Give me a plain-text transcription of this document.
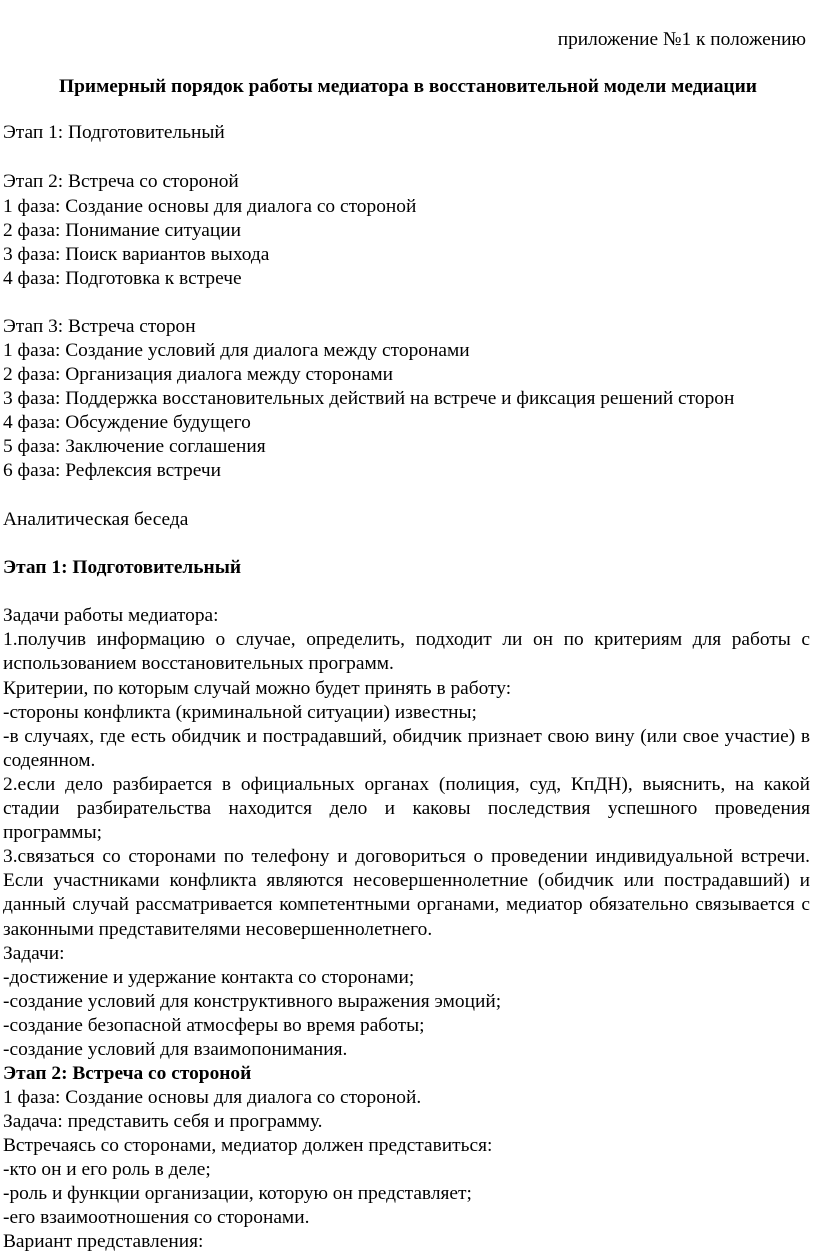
приложение №1 к положению

Примерный порядок работы медиатора в восстановительной модели медиации

Этап 1: Подготовительный

Этап 2: Встреча со стороной

1 фаза: Создание основы для диалога со стороной

2 фаза: Понимание ситуации

3 фаза: Поиск вариантов выхода

4 фаза: Подготовка к встрече

Этап 3: Встреча сторон

1 фаза: Создание условий для диалога между сторонами

2 фаза: Организация диалога между сторонами

3 фаза: Поддержка восстановительных действий на встрече и фиксация решений сторон

4 фаза: Обсуждение будущего

5 фаза: Заключение соглашения

6 фаза: Рефлексия встречи

Аналитическая беседа

Этап 1: Подготовительный

Задачи работы медиатора:

1.получив информацию о случае, определить, подходит ли он по критериям для работы с использованием восстановительных программ.

Критерии, по которым случай можно будет принять в работу:

-стороны конфликта (криминальной ситуации) известны;

-в случаях, где есть обидчик и пострадавший, обидчик признает свою вину (или свое участие) в содеянном.

2.если дело разбирается в официальных органах (полиция, суд, КпДН), выяснить, на какой стадии разбирательства находится дело и каковы последствия успешного проведения программы;

3.связаться со сторонами по телефону и договориться о проведении индивидуальной встречи. Если участниками конфликта являются несовершеннолетние (обидчик или пострадавший) и данный случай рассматривается компетентными органами, медиатор обязательно связывается с законными представителями несовершеннолетнего.

Задачи:

-достижение и удержание контакта со сторонами;

-создание условий для конструктивного выражения эмоций;

-создание безопасной атмосферы во время работы;

-создание условий для взаимопонимания.

Этап 2: Встреча со стороной

1 фаза: Создание основы для диалога со стороной.

Задача: представить себя и программу.

Встречаясь со сторонами, медиатор должен представиться:

-кто он и его роль в деле;

-роль и функции организации, которую он представляет;

-его взаимоотношения со сторонами.

Вариант представления:
